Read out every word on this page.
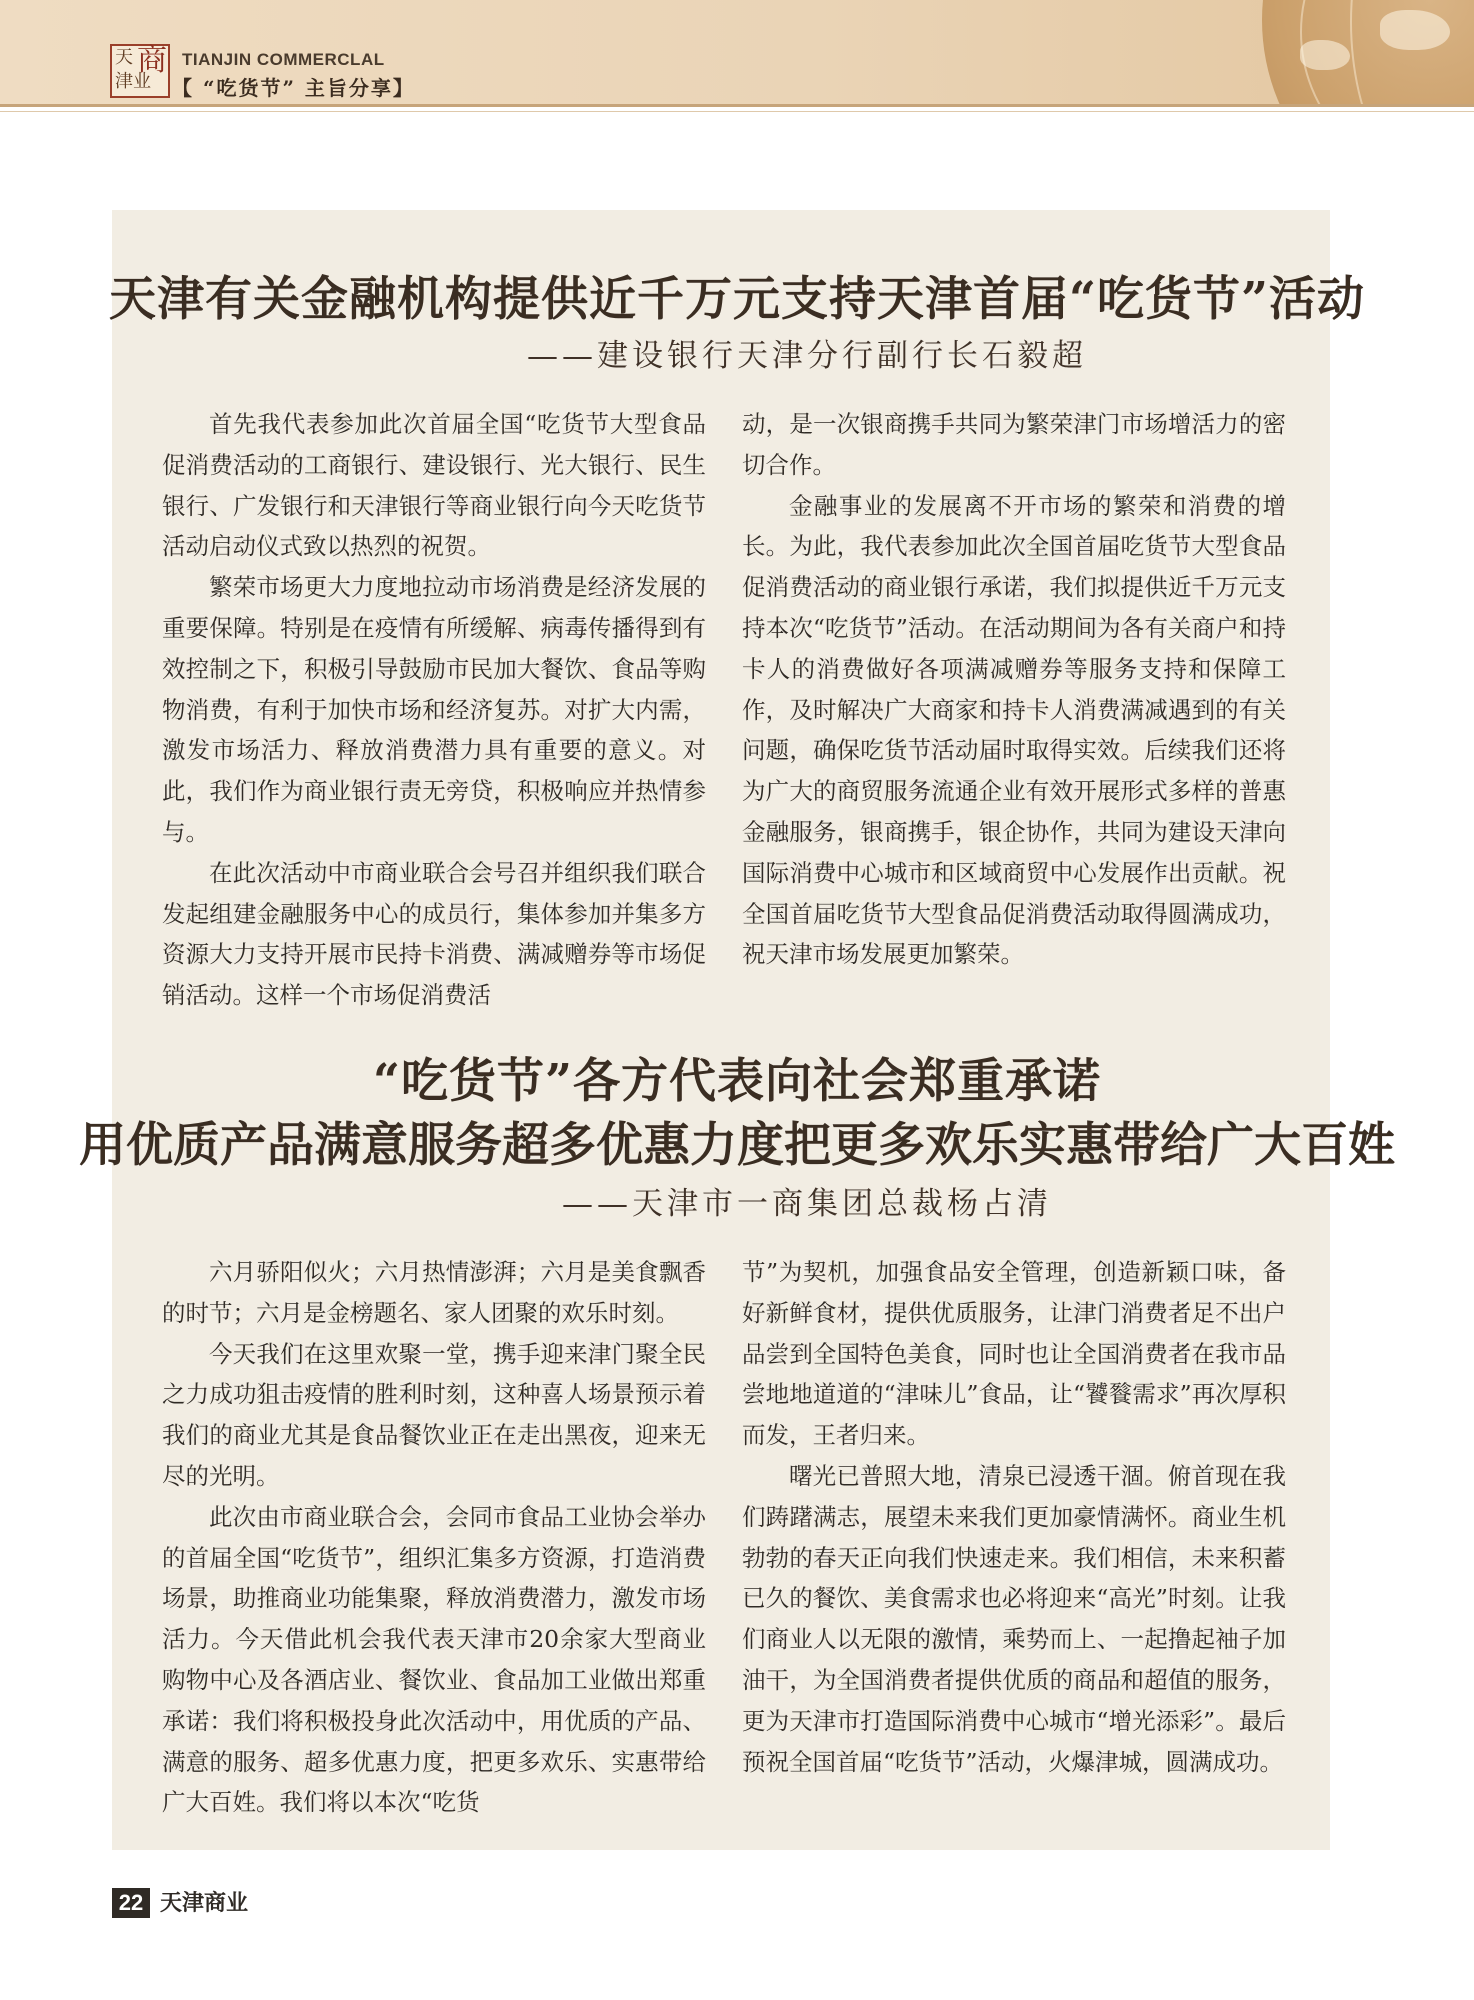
天 商
津业
TIANJIN COMMERCLAL
【 “吃货节” 主旨分享】
天津有关金融机构提供近千万元支持天津首届“吃货节”活动
——建设银行天津分行副行长石毅超

首先我代表参加此次首届全国“吃货节大型食品促消费活动的工商银行、建设银行、光大银行、民生银行、广发银行和天津银行等商业银行向今天吃货节活动启动仪式致以热烈的祝贺。

繁荣市场更大力度地拉动市场消费是经济发展的重要保障。特别是在疫情有所缓解、病毒传播得到有效控制之下，积极引导鼓励市民加大餐饮、食品等购物消费，有利于加快市场和经济复苏。对扩大内需，激发市场活力、释放消费潜力具有重要的意义。对此，我们作为商业银行责无旁贷，积极响应并热情参与。

在此次活动中市商业联合会号召并组织我们联合发起组建金融服务中心的成员行，集体参加并集多方资源大力支持开展市民持卡消费、满减赠券等市场促销活动。这样一个市场促消费活

动，是一次银商携手共同为繁荣津门市场增活力的密切合作。

金融事业的发展离不开市场的繁荣和消费的增长。为此，我代表参加此次全国首届吃货节大型食品促消费活动的商业银行承诺，我们拟提供近千万元支持本次“吃货节”活动。在活动期间为各有关商户和持卡人的消费做好各项满减赠券等服务支持和保障工作，及时解决广大商家和持卡人消费满减遇到的有关问题，确保吃货节活动届时取得实效。后续我们还将为广大的商贸服务流通企业有效开展形式多样的普惠金融服务，银商携手，银企协作，共同为建设天津向国际消费中心城市和区域商贸中心发展作出贡献。祝全国首届吃货节大型食品促消费活动取得圆满成功，祝天津市场发展更加繁荣。

“吃货节”各方代表向社会郑重承诺
用优质产品满意服务超多优惠力度把更多欢乐实惠带给广大百姓
——天津市一商集团总裁杨占清

六月骄阳似火；六月热情澎湃；六月是美食飘香的时节；六月是金榜题名、家人团聚的欢乐时刻。

今天我们在这里欢聚一堂，携手迎来津门聚全民之力成功狙击疫情的胜利时刻，这种喜人场景预示着我们的商业尤其是食品餐饮业正在走出黑夜，迎来无尽的光明。

此次由市商业联合会，会同市食品工业协会举办的首届全国“吃货节”，组织汇集多方资源，打造消费场景，助推商业功能集聚，释放消费潜力，激发市场活力。今天借此机会我代表天津市20余家大型商业购物中心及各酒店业、餐饮业、食品加工业做出郑重承诺：我们将积极投身此次活动中，用优质的产品、满意的服务、超多优惠力度，把更多欢乐、实惠带给广大百姓。我们将以本次“吃货

节”为契机，加强食品安全管理，创造新颖口味，备好新鲜食材，提供优质服务，让津门消费者足不出户品尝到全国特色美食，同时也让全国消费者在我市品尝地地道道的“津味儿”食品，让“饕餮需求”再次厚积而发，王者归来。

曙光已普照大地，清泉已浸透干涸。俯首现在我们踌躇满志，展望未来我们更加豪情满怀。商业生机勃勃的春天正向我们快速走来。我们相信，未来积蓄已久的餐饮、美食需求也必将迎来“高光”时刻。让我们商业人以无限的激情，乘势而上、一起撸起袖子加油干，为全国消费者提供优质的商品和超值的服务，更为天津市打造国际消费中心城市“增光添彩”。最后预祝全国首届“吃货节”活动，火爆津城，圆满成功。

22 天津商业
